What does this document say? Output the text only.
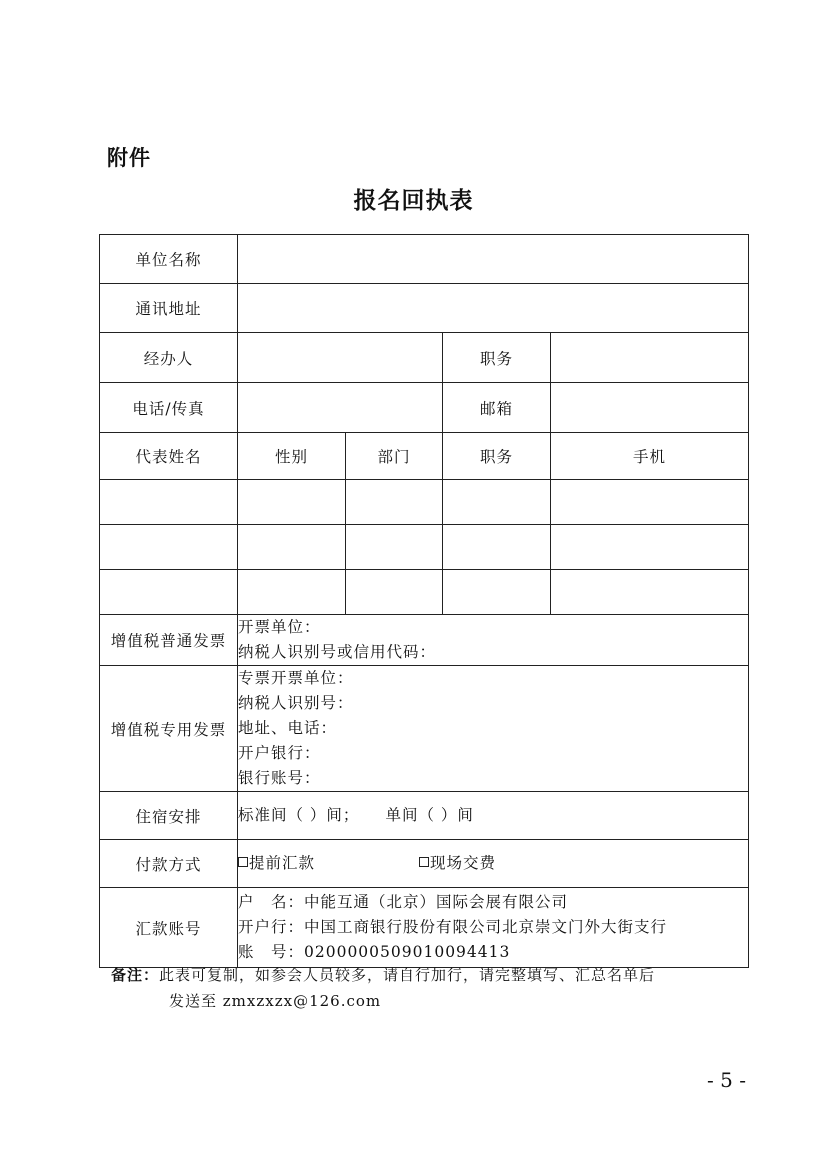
附件
报名回执表
单位名称				
通讯地址				
经办人			职务	
电话/传真			邮箱	
代表姓名	性别	部门	职务	手机

增值税普通发票	开票单位：
纳税人识别号或信用代码：			

增值税专用发票	专票开票单位：
纳税人识别号：
地址、电话：
开户银行：
银行账号：			

住宿安排	标准间（ ）间； 单间（ ）间			
付款方式	提前汇款 现场交费			
汇款账号	户　名：中能互通（北京）国际会展有限公司
开户行：中国工商银行股份有限公司北京崇文门外大街支行
账　号：0200000509010094413			
备注：此表可复制，如参会人员较多，请自行加行，请完整填写、汇总名单后
发送至 zmxzxzx@126.com
- 5 -
